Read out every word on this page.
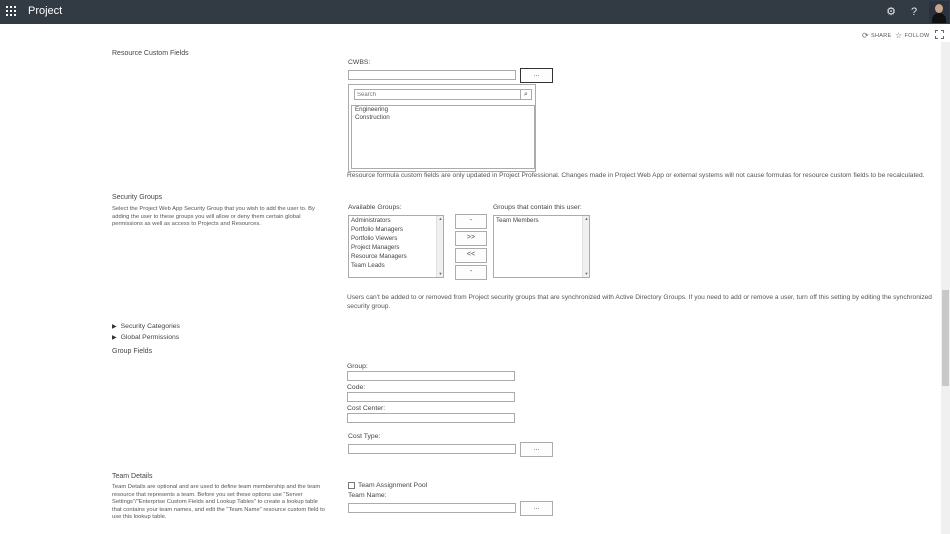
Project	⚙	?
⟳ SHARE ☆ FOLLOW
Resource Custom Fields
CWBS:
...
Search
⌕
Engineering
Construction
Resource formula custom fields are only updated in Project Professional. Changes made in Project Web App or external systems will not cause formulas for resource custom fields to be recalculated.
Security Groups
Select the Project Web App Security Group that you wish to add the user to. By adding the user to these groups you will allow or deny them certain global permissions as well as access to Projects and Resources.
Available Groups:
Administrators
Portfolio Managers
Portfolio Viewers
Project Managers
Resource Managers
Team Leads
▲
▼
-
>>
<<
-
Groups that contain this user:
Team Members	▲
▼
Users can't be added to or removed from Project security groups that are synchronized with Active Directory Groups. If you need to add or remove a user, turn off this setting by editing the synchronized security group.
▶ Security Categories
▶ Global Permissions
Group Fields
Group:
Code:
Cost Center:
Cost Type:
...
Team Details
Team Details are optional and are used to define team membership and the team resource that represents a team. Before you set these options use "Server Settings"/"Enterprise Custom Fields and Lookup Tables" to create a lookup table that contains your team names, and edit the "Team Name" resource custom field to use this lookup table.
Team Assignment Pool
Team Name:
...
